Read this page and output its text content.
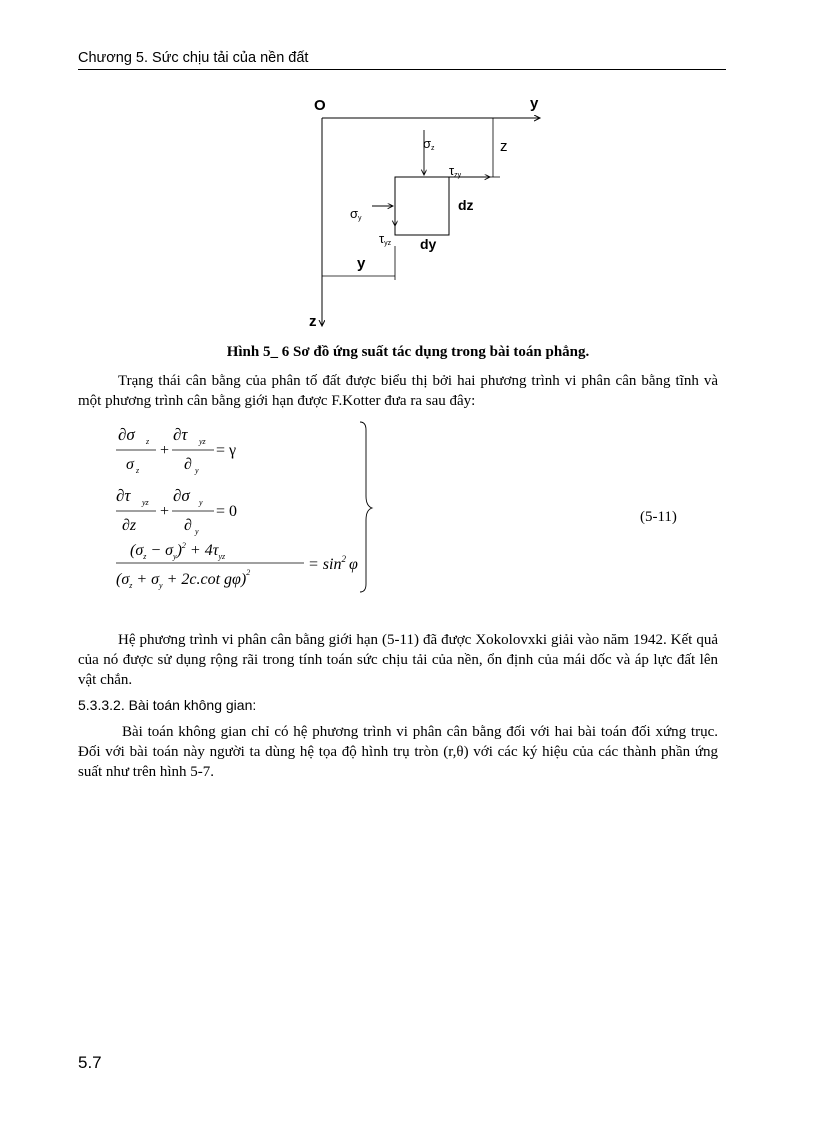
Chương 5. Sức chịu tải của nền đất
O	y
z
z
y
dz
dy
σz
τzy
σy
τyz
Hình 5_ 6 Sơ đồ ứng suất tác dụng trong bài toán phẳng.
Trạng thái cân bằng của phân tố đất được biểu thị bởi hai phương trình vi phân cân bằng tĩnh và một phương trình cân bằng giới hạn được F.Kotter đưa ra sau đây:
∂σ z
σ z
+
∂τ yz
∂ y
= γ
∂τ yz
∂z
+
∂σ y
∂ y
= 0
$(\sigma_z - \sigma_y)^2 + 4\tau_{yz}$
($\sigma_z + \sigma_y + 2c.\cot$ gφ)$^2$	= $\sin^2 \varphi$
(5-11)
Hệ phương trình vi phân cân bằng giới hạn (5-11) đã được Xokolovxki giải vào năm 1942. Kết quả của nó được sử dụng rộng rãi trong tính toán sức chịu tải của nền, ổn định của mái dốc và áp lực đất lên vật chắn.
5.3.3.2. Bài toán không gian:
Bài toán không gian chỉ có hệ phương trình vi phân cân bằng đối với hai bài toán đối xứng trục. Đối với bài toán này người ta dùng hệ tọa độ hình trụ tròn (r,θ) với các ký hiệu của các thành phần ứng suất như trên hình 5-7.
5.7
